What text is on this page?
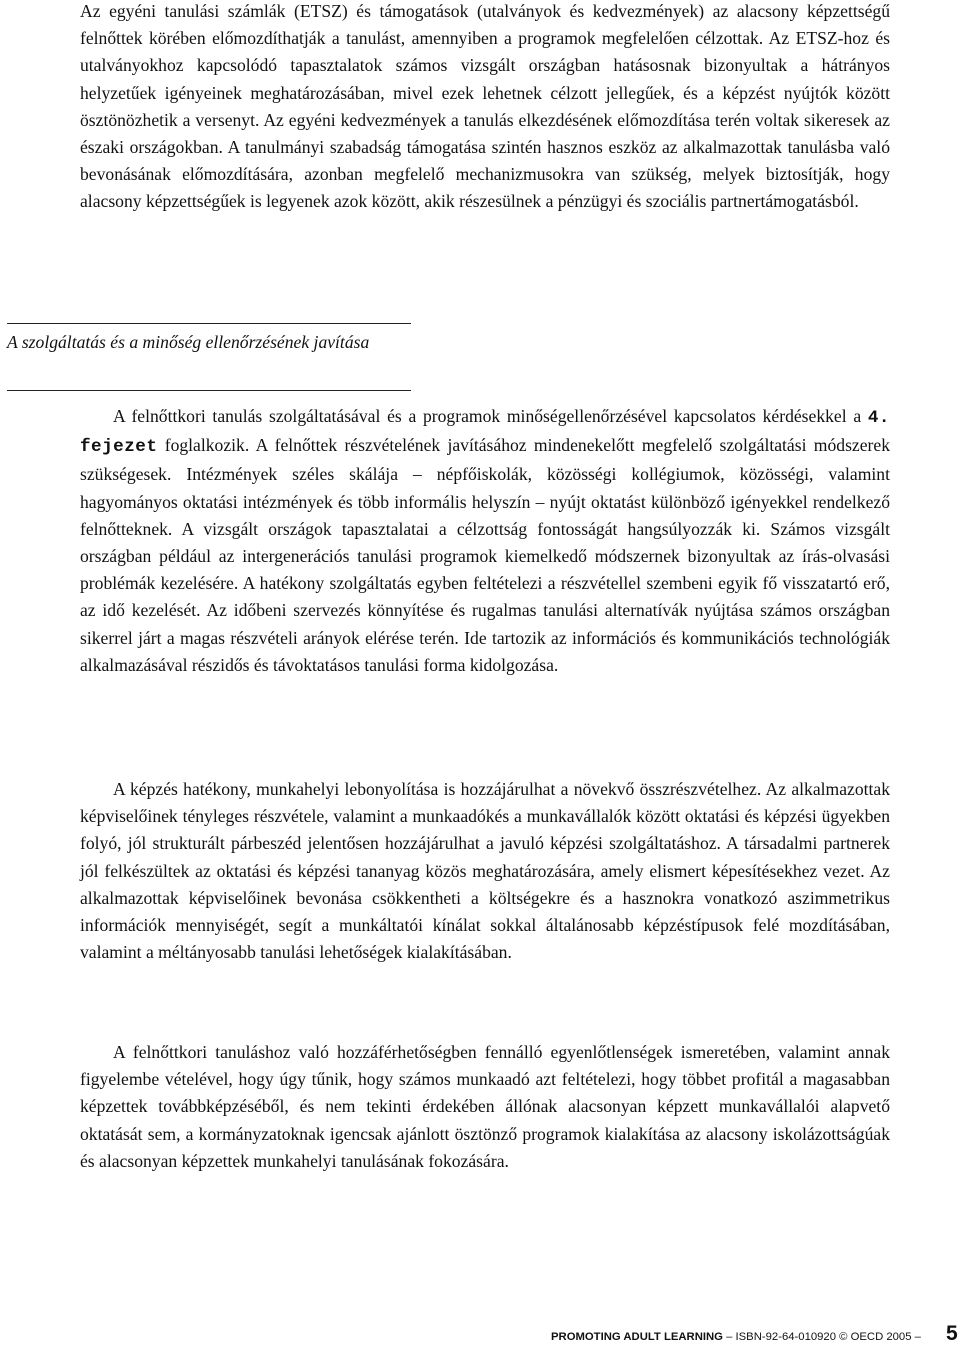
Az egyéni tanulási számlák (ETSZ) és támogatások (utalványok és kedvezmények) az alacsony képzettségű felnőttek körében előmozdíthatják a tanulást, amennyiben a programok megfelelően célzottak. Az ETSZ-hoz és utalványokhoz kapcsolódó tapasztalatok számos vizsgált országban hatásosnak bizonyultak a hátrányos helyzetűek igényeinek meghatározásában, mivel ezek lehetnek célzott jellegűek, és a képzést nyújtók között ösztönözhetik a versenyt. Az egyéni kedvezmények a tanulás elkezdésének előmozdítása terén voltak sikeresek az északi országokban. A tanulmányi szabadság támogatása szintén hasznos eszköz az alkalmazottak tanulásba való bevonásának előmozdítására, azonban megfelelő mechanizmusokra van szükség, melyek biztosítják, hogy alacsony képzettségűek is legyenek azok között, akik részesülnek a pénzügyi és szociális partnertámogatásból.

A szolgáltatás és a minőség ellenőrzésének javítása

A felnőttkori tanulás szolgáltatásával és a programok minőségellenőrzésével kapcsolatos kérdésekkel a 4. fejezet foglalkozik. A felnőttek részvételének javításához mindenekelőtt megfelelő szolgáltatási módszerek szükségesek. Intézmények széles skálája – népfőiskolák, közösségi kollégiumok, közösségi, valamint hagyományos oktatási intézmények és több informális helyszín – nyújt oktatást különböző igényekkel rendelkező felnőtteknek. A vizsgált országok tapasztalatai a célzottság fontosságát hangsúlyozzák ki. Számos vizsgált országban például az intergenerációs tanulási programok kiemelkedő módszernek bizonyultak az írás-olvasási problémák kezelésére. A hatékony szolgáltatás egyben feltételezi a részvétellel szembeni egyik fő visszatartó erő, az idő kezelését. Az időbeni szervezés könnyítése és rugalmas tanulási alternatívák nyújtása számos országban sikerrel járt a magas részvételi arányok elérése terén. Ide tartozik az információs és kommunikációs technológiák alkalmazásával részidős és távoktatásos tanulási forma kidolgozása.

A képzés hatékony, munkahelyi lebonyolítása is hozzájárulhat a növekvő összrészvételhez. Az alkalmazottak képviselőinek tényleges részvétele, valamint a munkaadókés a munkavállalók között oktatási és képzési ügyekben folyó, jól strukturált párbeszéd jelentősen hozzájárulhat a javuló képzési szolgáltatáshoz. A társadalmi partnerek jól felkészültek az oktatási és képzési tananyag közös meghatározására, amely elismert képesítésekhez vezet. Az alkalmazottak képviselőinek bevonása csökkentheti a költségekre és a hasznokra vonatkozó aszimmetrikus információk mennyiségét, segít a munkáltatói kínálat sokkal általánosabb képzéstípusok felé mozdításában, valamint a méltányosabb tanulási lehetőségek kialakításában.

A felnőttkori tanuláshoz való hozzáférhetőségben fennálló egyenlőtlenségek ismeretében, valamint annak figyelembe vételével, hogy úgy tűnik, hogy számos munkaadó azt feltételezi, hogy többet profitál a magasabban képzettek továbbképzéséből, és nem tekinti érdekében állónak alacsonyan képzett munkavállalói alapvető oktatását sem, a kormányzatoknak igencsak ajánlott ösztönző programok kialakítása az alacsony iskolázottságúak és alacsonyan képzettek munkahelyi tanulásának fokozására.

PROMOTING ADULT LEARNING – ISBN-92-64-010920 © OECD 2005 – 5
